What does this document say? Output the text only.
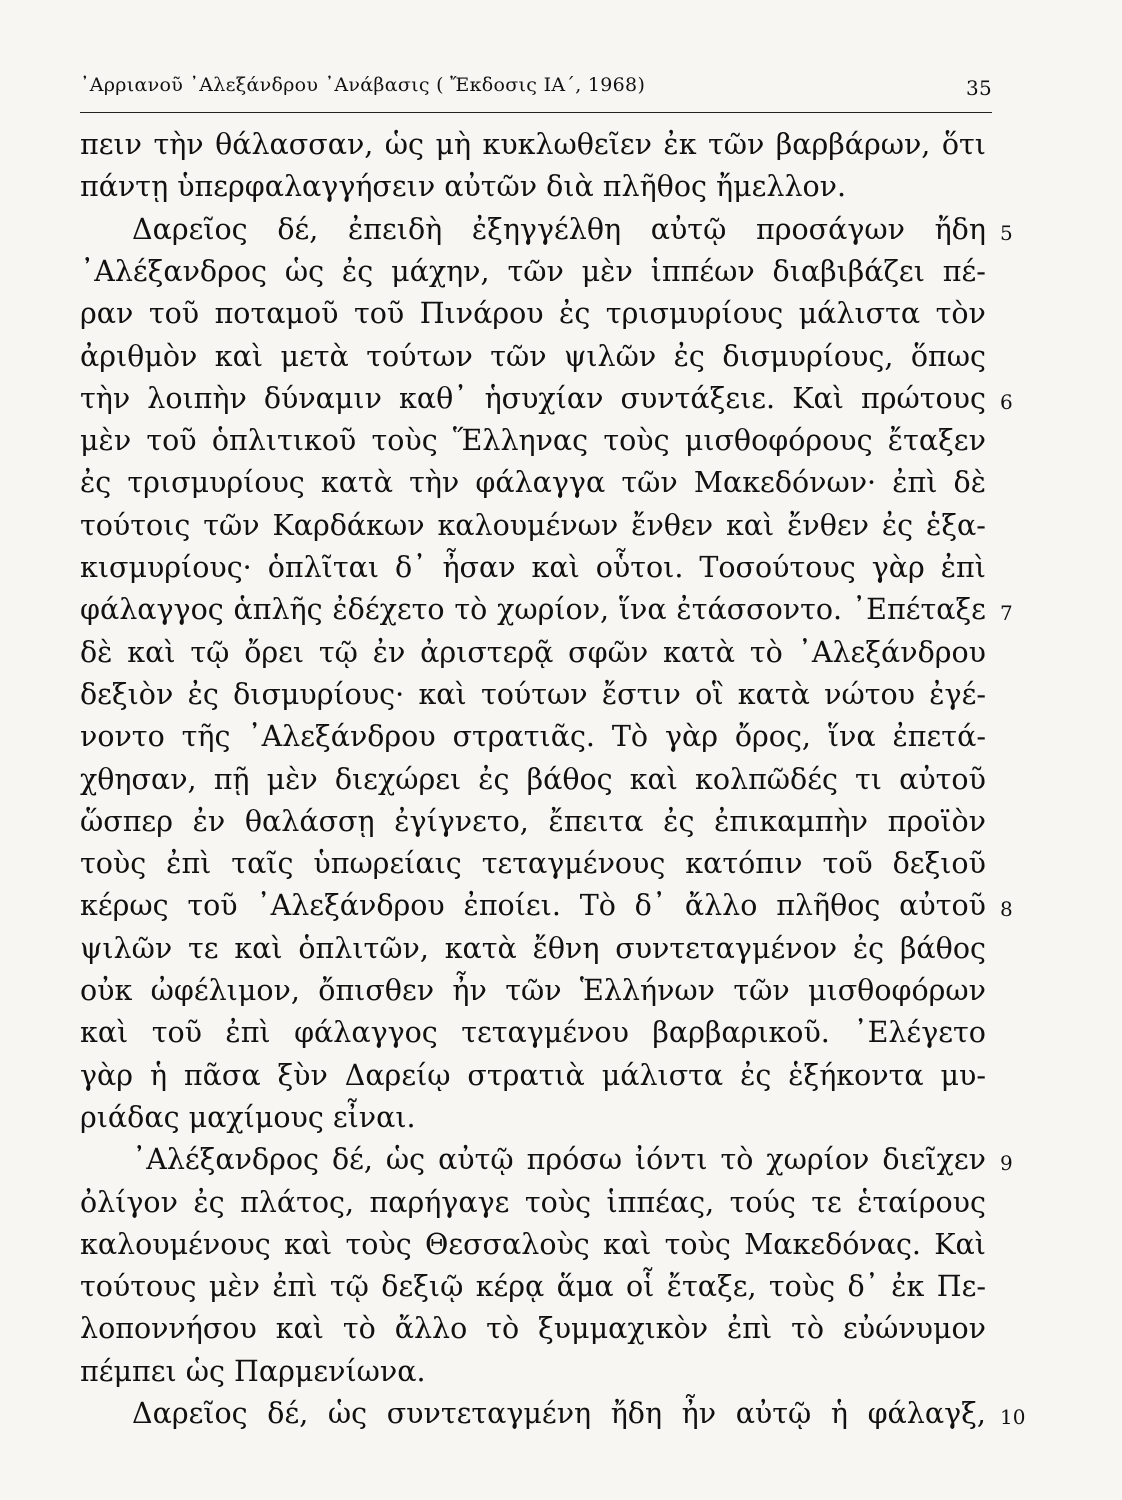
᾿Αρριανοῦ ᾿Αλεξάνδρου ᾿Ανάβασις ( Ἔκδοσις ΙΑ΄, 1968)	35
πειν τὴν θάλασσαν, ὡς μὴ κυκλωθεῖεν ἐκ τῶν βαρβάρων, ὅτι
πάντῃ ὑπερφαλαγγήσειν αὐτῶν διὰ πλῆθος ἤμελλον.
Δαρεῖος δέ, ἐπειδὴ ἐξηγγέλθη αὐτῷ προσάγων ἤδη
᾿Αλέξανδρος ὡς ἐς μάχην, τῶν μὲν ἱππέων διαβιβάζει πέ-
ραν τοῦ ποταμοῦ τοῦ Πινάρου ἐς τρισμυρίους μάλιστα τὸν
ἀριθμὸν καὶ μετὰ τούτων τῶν ψιλῶν ἐς δισμυρίους, ὅπως
τὴν λοιπὴν δύναμιν καθ᾿ ἡσυχίαν συντάξειε. Καὶ πρώτους
μὲν τοῦ ὁπλιτικοῦ τοὺς Ἕλληνας τοὺς μισθοφόρους ἔταξεν
ἐς τρισμυρίους κατὰ τὴν φάλαγγα τῶν Μακεδόνων· ἐπὶ δὲ
τούτοις τῶν Καρδάκων καλουμένων ἔνθεν καὶ ἔνθεν ἐς ἑξα-
κισμυρίους· ὁπλῖται δ᾿ ἦσαν καὶ οὗτοι. Τοσούτους γὰρ ἐπὶ
φάλαγγος ἁπλῆς ἐδέχετο τὸ χωρίον, ἵνα ἐτάσσοντο. ᾿Επέταξε
δὲ καὶ τῷ ὄρει τῷ ἐν ἀριστερᾷ σφῶν κατὰ τὸ ᾿Αλεξάνδρου
δεξιὸν ἐς δισμυρίους· καὶ τούτων ἔστιν οἳ κατὰ νώτου ἐγέ-
νοντο τῆς ᾿Αλεξάνδρου στρατιᾶς. Τὸ γὰρ ὄρος, ἵνα ἐπετά-
χθησαν, πῇ μὲν διεχώρει ἐς βάθος καὶ κολπῶδές τι αὐτοῦ
ὥσπερ ἐν θαλάσσῃ ἐγίγνετο, ἔπειτα ἐς ἐπικαμπὴν προϊὸν
τοὺς ἐπὶ ταῖς ὑπωρείαις τεταγμένους κατόπιν τοῦ δεξιοῦ
κέρως τοῦ ᾿Αλεξάνδρου ἐποίει. Τὸ δ᾿ ἄλλο πλῆθος αὐτοῦ
ψιλῶν τε καὶ ὁπλιτῶν, κατὰ ἔθνη συντεταγμένον ἐς βάθος
οὐκ ὠφέλιμον, ὄπισθεν ἦν τῶν Ἑλλήνων τῶν μισθοφόρων
καὶ τοῦ ἐπὶ φάλαγγος τεταγμένου βαρβαρικοῦ. ᾿Ελέγετο
γὰρ ἡ πᾶσα ξὺν Δαρείῳ στρατιὰ μάλιστα ἐς ἑξήκοντα μυ-
ριάδας μαχίμους εἶναι.
᾿Αλέξανδρος δέ, ὡς αὐτῷ πρόσω ἰόντι τὸ χωρίον διεῖχεν
ὀλίγον ἐς πλάτος, παρήγαγε τοὺς ἱππέας, τούς τε ἑταίρους
καλουμένους καὶ τοὺς Θεσσαλοὺς καὶ τοὺς Μακεδόνας. Καὶ
τούτους μὲν ἐπὶ τῷ δεξιῷ κέρᾳ ἅμα οἷ ἔταξε, τοὺς δ᾿ ἐκ Πε-
λοποννήσου καὶ τὸ ἄλλο τὸ ξυμμαχικὸν ἐπὶ τὸ εὐώνυμον
πέμπει ὡς Παρμενίωνα.
Δαρεῖος δέ, ὡς συντεταγμένη ἤδη ἦν αὐτῷ ἡ φάλαγξ,
5
6
7
8
9
10
